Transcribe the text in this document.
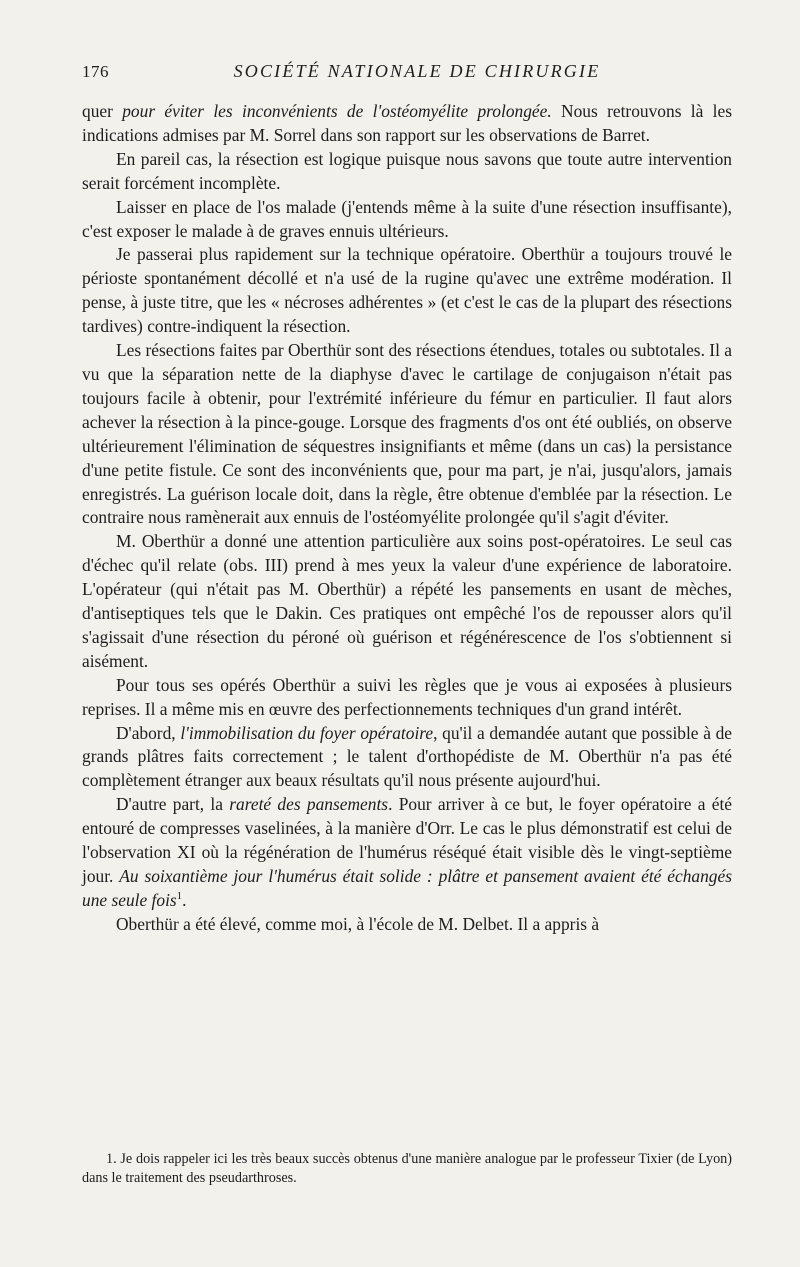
176	SOCIÉTÉ NATIONALE DE CHIRURGIE

quer pour éviter les inconvénients de l'ostéomyélite prolongée. Nous retrouvons là les indications admises par M. Sorrel dans son rapport sur les observations de Barret.

En pareil cas, la résection est logique puisque nous savons que toute autre intervention serait forcément incomplète.

Laisser en place de l'os malade (j'entends même à la suite d'une résection insuffisante), c'est exposer le malade à de graves ennuis ultérieurs.

Je passerai plus rapidement sur la technique opératoire. Oberthür a toujours trouvé le périoste spontanément décollé et n'a usé de la rugine qu'avec une extrême modération. Il pense, à juste titre, que les « nécroses adhérentes » (et c'est le cas de la plupart des résections tardives) contre-indiquent la résection.

Les résections faites par Oberthür sont des résections étendues, totales ou subtotales. Il a vu que la séparation nette de la diaphyse d'avec le cartilage de conjugaison n'était pas toujours facile à obtenir, pour l'extrémité inférieure du fémur en particulier. Il faut alors achever la résection à la pince-gouge. Lorsque des fragments d'os ont été oubliés, on observe ultérieurement l'élimination de séquestres insignifiants et même (dans un cas) la persistance d'une petite fistule. Ce sont des inconvénients que, pour ma part, je n'ai, jusqu'alors, jamais enregistrés. La guérison locale doit, dans la règle, être obtenue d'emblée par la résection. Le contraire nous ramènerait aux ennuis de l'ostéomyélite prolongée qu'il s'agit d'éviter.

M. Oberthür a donné une attention particulière aux soins post-opératoires. Le seul cas d'échec qu'il relate (obs. III) prend à mes yeux la valeur d'une expérience de laboratoire. L'opérateur (qui n'était pas M. Oberthür) a répété les pansements en usant de mèches, d'antiseptiques tels que le Dakin. Ces pratiques ont empêché l'os de repousser alors qu'il s'agissait d'une résection du péroné où guérison et régénérescence de l'os s'obtiennent si aisément.

Pour tous ses opérés Oberthür a suivi les règles que je vous ai exposées à plusieurs reprises. Il a même mis en œuvre des perfectionnements techniques d'un grand intérêt.

D'abord, l'immobilisation du foyer opératoire, qu'il a demandée autant que possible à de grands plâtres faits correctement ; le talent d'orthopédiste de M. Oberthür n'a pas été complètement étranger aux beaux résultats qu'il nous présente aujourd'hui.

D'autre part, la rareté des pansements. Pour arriver à ce but, le foyer opératoire a été entouré de compresses vaselinées, à la manière d'Orr. Le cas le plus démonstratif est celui de l'observation XI où la régénération de l'humérus réséqué était visible dès le vingt-septième jour. Au soixantième jour l'humérus était solide : plâtre et pansement avaient été échangés une seule fois$^1$.

Oberthür a été élevé, comme moi, à l'école de M. Delbet. Il a appris à

1. Je dois rappeler ici les très beaux succès obtenus d'une manière analogue par le professeur Tixier (de Lyon) dans le traitement des pseudarthroses.
